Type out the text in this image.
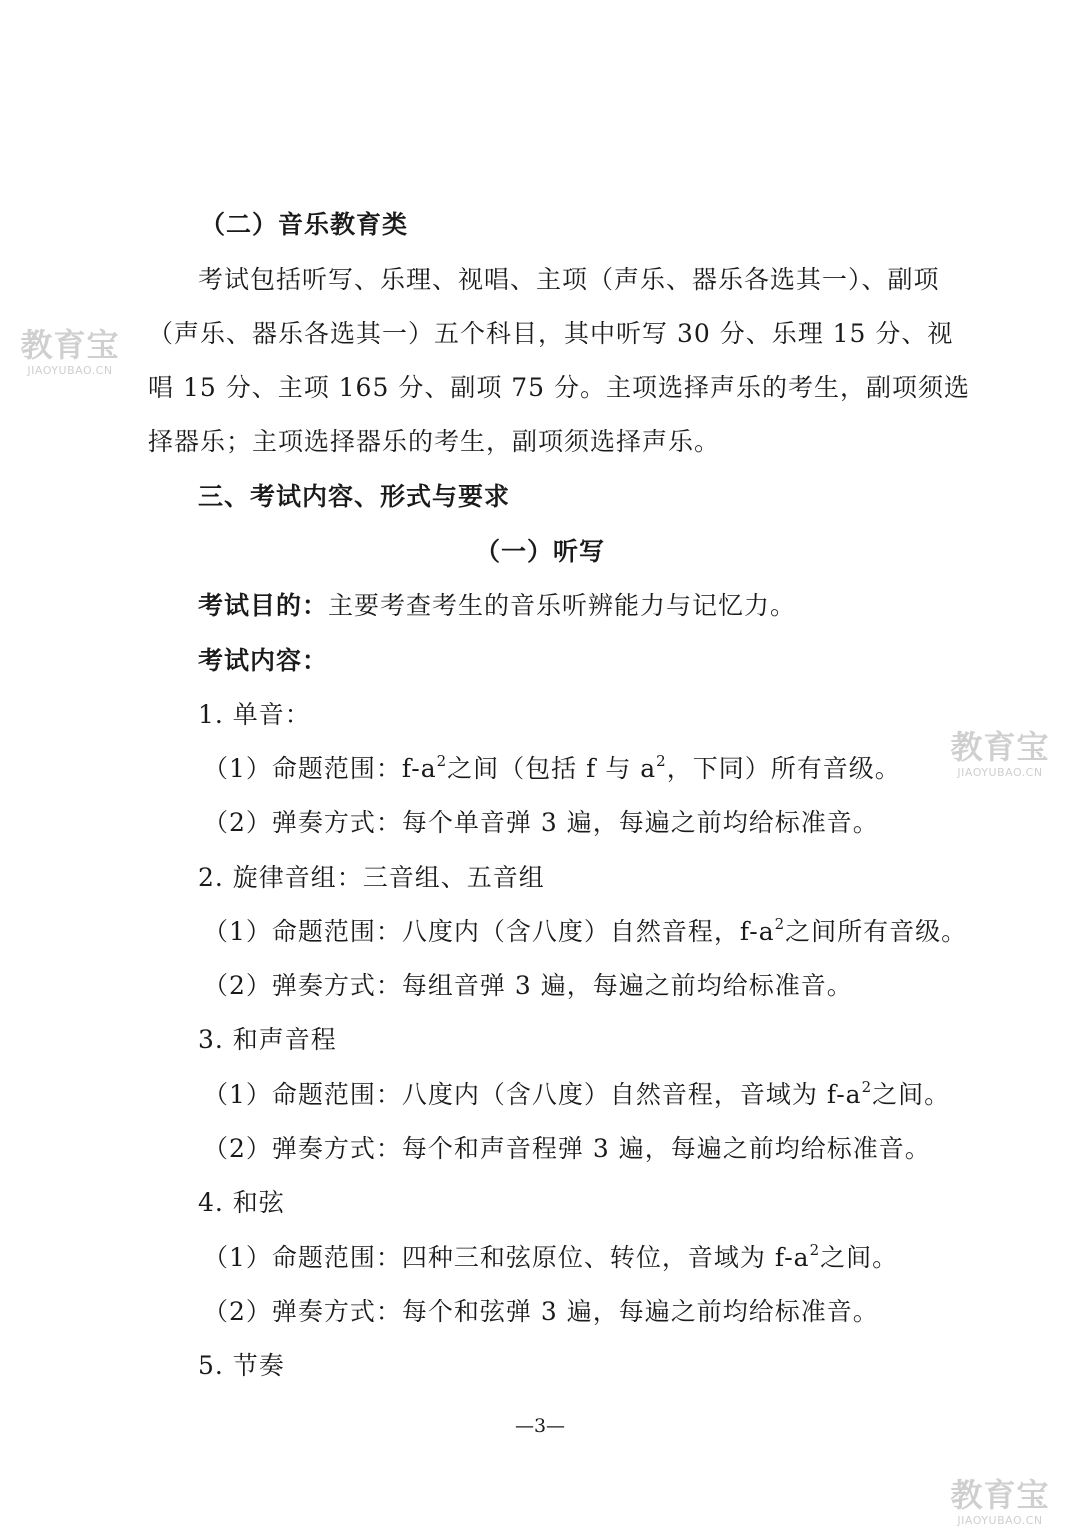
（二）音乐教育类
考试包括听写、乐理、视唱、主项（声乐、器乐各选其一）、副项
（声乐、器乐各选其一）五个科目，其中听写 30 分、乐理 15 分、视
唱 15 分、主项 165 分、副项 75 分。主项选择声乐的考生，副项须选
择器乐；主项选择器乐的考生，副项须选择声乐。
三、考试内容、形式与要求
（一）听写
考试目的：主要考查考生的音乐听辨能力与记忆力。
考试内容：
1. 单音：
（1）命题范围：$f-a^2$之间（包括 f 与 $a^2$，下同）所有音级。
（2）弹奏方式：每个单音弹 3 遍，每遍之前均给标准音。
2. 旋律音组：三音组、五音组
（1）命题范围：八度内（含八度）自然音程，$f-a^2$之间所有音级。
（2）弹奏方式：每组音弹 3 遍，每遍之前均给标准音。
3. 和声音程
（1）命题范围：八度内（含八度）自然音程，音域为 $f-a^2$之间。
（2）弹奏方式：每个和声音程弹 3 遍，每遍之前均给标准音。
4. 和弦
（1）命题范围：四种三和弦原位、转位，音域为 $f-a^2$之间。
（2）弹奏方式：每个和弦弹 3 遍，每遍之前均给标准音。
5. 节奏
—3—
教育宝
JIAOYUBAO.CN
教育宝
JIAOYUBAO.CN
教育宝
JIAOYUBAO.CN
